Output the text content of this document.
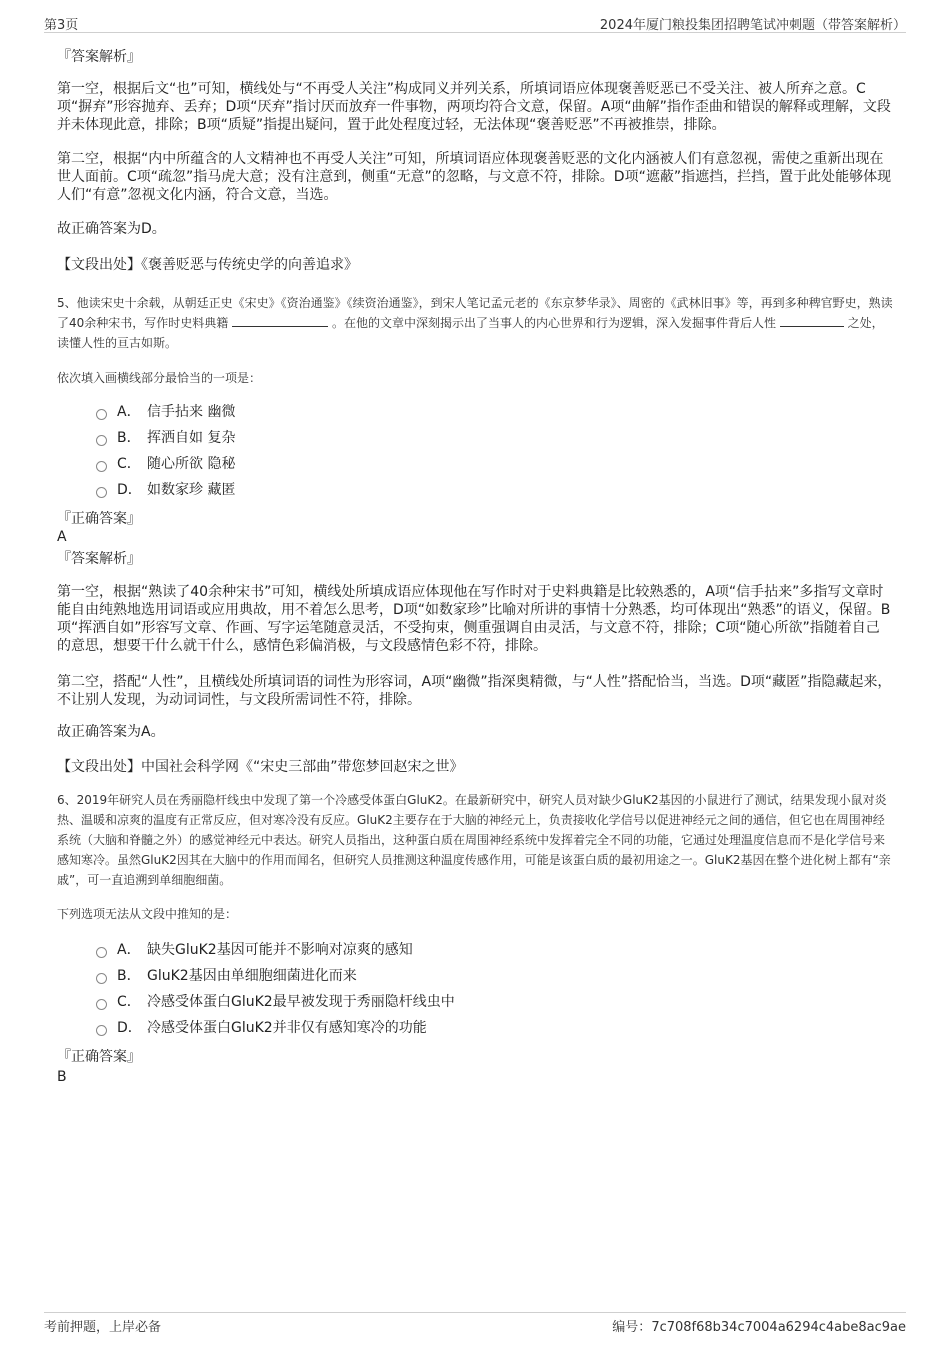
第3页	2024年厦门粮投集团招聘笔试冲刺题（带答案解析）
『答案解析』

第一空，根据后文“也”可知，横线处与“不再受人关注”构成同义并列关系，所填词语应体现褒善贬恶已不受关注、被人所弃之意。C项“摒弃”形容抛弃、丢弃；D项“厌弃”指讨厌而放弃一件事物，两项均符合文意，保留。A项“曲解”指作歪曲和错误的解释或理解，文段并未体现此意，排除；B项“质疑”指提出疑问，置于此处程度过轻，无法体现“褒善贬恶”不再被推崇，排除。

第二空，根据“内中所蕴含的人文精神也不再受人关注”可知，所填词语应体现褒善贬恶的文化内涵被人们有意忽视，需使之重新出现在世人面前。C项“疏忽”指马虎大意；没有注意到，侧重“无意”的忽略，与文意不符，排除。D项“遮蔽”指遮挡，拦挡，置于此处能够体现人们“有意”忽视文化内涵，符合文意，当选。

故正确答案为D。
【文段出处】《褒善贬恶与传统史学的向善追求》

5、他读宋史十余载，从朝廷正史《宋史》《资治通鉴》《续资治通鉴》，到宋人笔记孟元老的《东京梦华录》、周密的《武林旧事》等，再到多种稗官野史，熟读了40余种宋书，写作时史料典籍	。在他的文章中深刻揭示出了当事人的内心世界和行为逻辑，深入发掘事件背后人性	之处，读懂人性的亘古如斯。

依次填入画横线部分最恰当的一项是：
A． 信手拈来 幽微
B． 挥洒自如 复杂
C． 随心所欲 隐秘
D． 如数家珍 藏匿
『正确答案』
A
『答案解析』

第一空，根据“熟读了40余种宋书”可知，横线处所填成语应体现他在写作时对于史料典籍是比较熟悉的，A项“信手拈来”多指写文章时能自由纯熟地选用词语或应用典故，用不着怎么思考，D项“如数家珍”比喻对所讲的事情十分熟悉，均可体现出“熟悉”的语义，保留。B项“挥洒自如”形容写文章、作画、写字运笔随意灵活，不受拘束，侧重强调自由灵活，与文意不符，排除；C项“随心所欲”指随着自己的意思，想要干什么就干什么，感情色彩偏消极，与文段感情色彩不符，排除。

第二空，搭配“人性”，且横线处所填词语的词性为形容词，A项“幽微”指深奥精微，与“人性”搭配恰当，当选。D项“藏匿”指隐藏起来，不让别人发现，为动词词性，与文段所需词性不符，排除。

故正确答案为A。
【文段出处】中国社会科学网《“宋史三部曲”带您梦回赵宋之世》

6、2019年研究人员在秀丽隐杆线虫中发现了第一个冷感受体蛋白GluK2。在最新研究中，研究人员对缺少GluK2基因的小鼠进行了测试，结果发现小鼠对炎热、温暖和凉爽的温度有正常反应，但对寒冷没有反应。GluK2主要存在于大脑的神经元上，负责接收化学信号以促进神经元之间的通信，但它也在周围神经系统（大脑和脊髓之外）的感觉神经元中表达。研究人员指出，这种蛋白质在周围神经系统中发挥着完全不同的功能，它通过处理温度信息而不是化学信号来感知寒冷。虽然GluK2因其在大脑中的作用而闻名，但研究人员推测这种温度传感作用，可能是该蛋白质的最初用途之一。GluK2基因在整个进化树上都有“亲戚”，可一直追溯到单细胞细菌。

下列选项无法从文段中推知的是：
A． 缺失GluK2基因可能并不影响对凉爽的感知
B． GluK2基因由单细胞细菌进化而来
C． 冷感受体蛋白GluK2最早被发现于秀丽隐杆线虫中
D． 冷感受体蛋白GluK2并非仅有感知寒冷的功能
『正确答案』
B
考前押题，上岸必备	编号：7c708f68b34c7004a6294c4abe8ac9ae
